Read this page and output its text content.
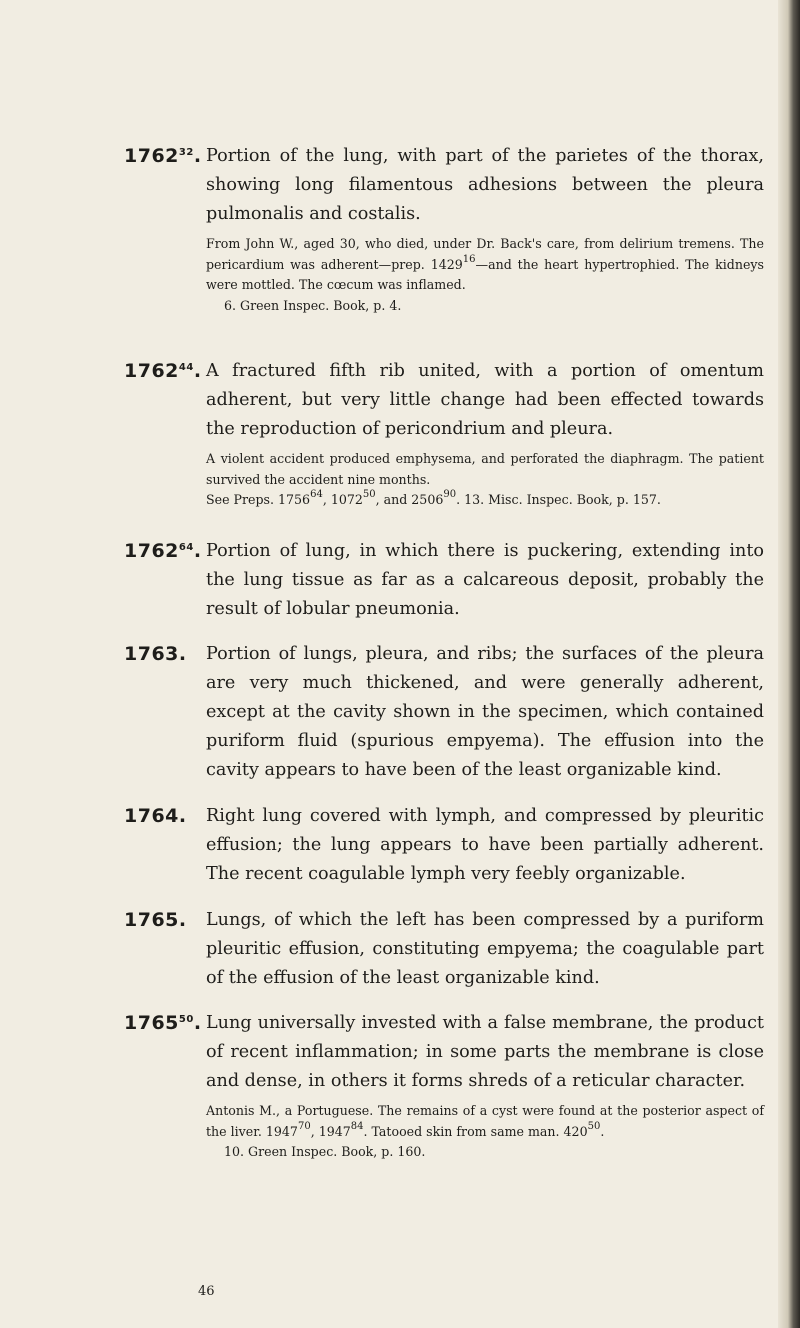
1762$^{32}$. Portion of the lung, with part of the parietes of the thorax, showing long filamentous adhesions between the pleura pulmonalis and costalis.
From John W., aged 30, who died, under Dr. Back's care, from delirium tremens. The pericardium was adherent—prep. 1429$^{16}$—and the heart hypertrophied. The kidneys were mottled. The cœcum was inflamed.
6. Green Inspec. Book, p. 4.
1762$^{44}$. A fractured fifth rib united, with a portion of omentum adherent, but very little change had been effected towards the reproduction of pericondrium and pleura.
A violent accident produced emphysema, and perforated the diaphragm. The patient survived the accident nine months.
See Preps. 1756$^{64}$, 1072$^{50}$, and 2506$^{90}$. 13. Misc. Inspec. Book, p. 157.
1762$^{64}$. Portion of lung, in which there is puckering, extending into the lung tissue as far as a calcareous deposit, probably the result of lobular pneumonia.
1763. Portion of lungs, pleura, and ribs; the surfaces of the pleura are very much thickened, and were generally adherent, except at the cavity shown in the specimen, which contained puriform fluid (spurious empyema). The effusion into the cavity appears to have been of the least organizable kind.
1764. Right lung covered with lymph, and compressed by pleuritic effusion; the lung appears to have been partially adherent. The recent coagulable lymph very feebly organizable.
1765. Lungs, of which the left has been compressed by a puriform pleuritic effusion, constituting empyema; the coagulable part of the effusion of the least organizable kind.
1765$^{50}$. Lung universally invested with a false membrane, the product of recent inflammation; in some parts the membrane is close and dense, in others it forms shreds of a reticular character.
Antonis M., a Portuguese. The remains of a cyst were found at the posterior aspect of the liver. 1947$^{70}$, 1947$^{84}$. Tatooed skin from same man. $420^{50}$.
10. Green Inspec. Book, p. 160.
46
